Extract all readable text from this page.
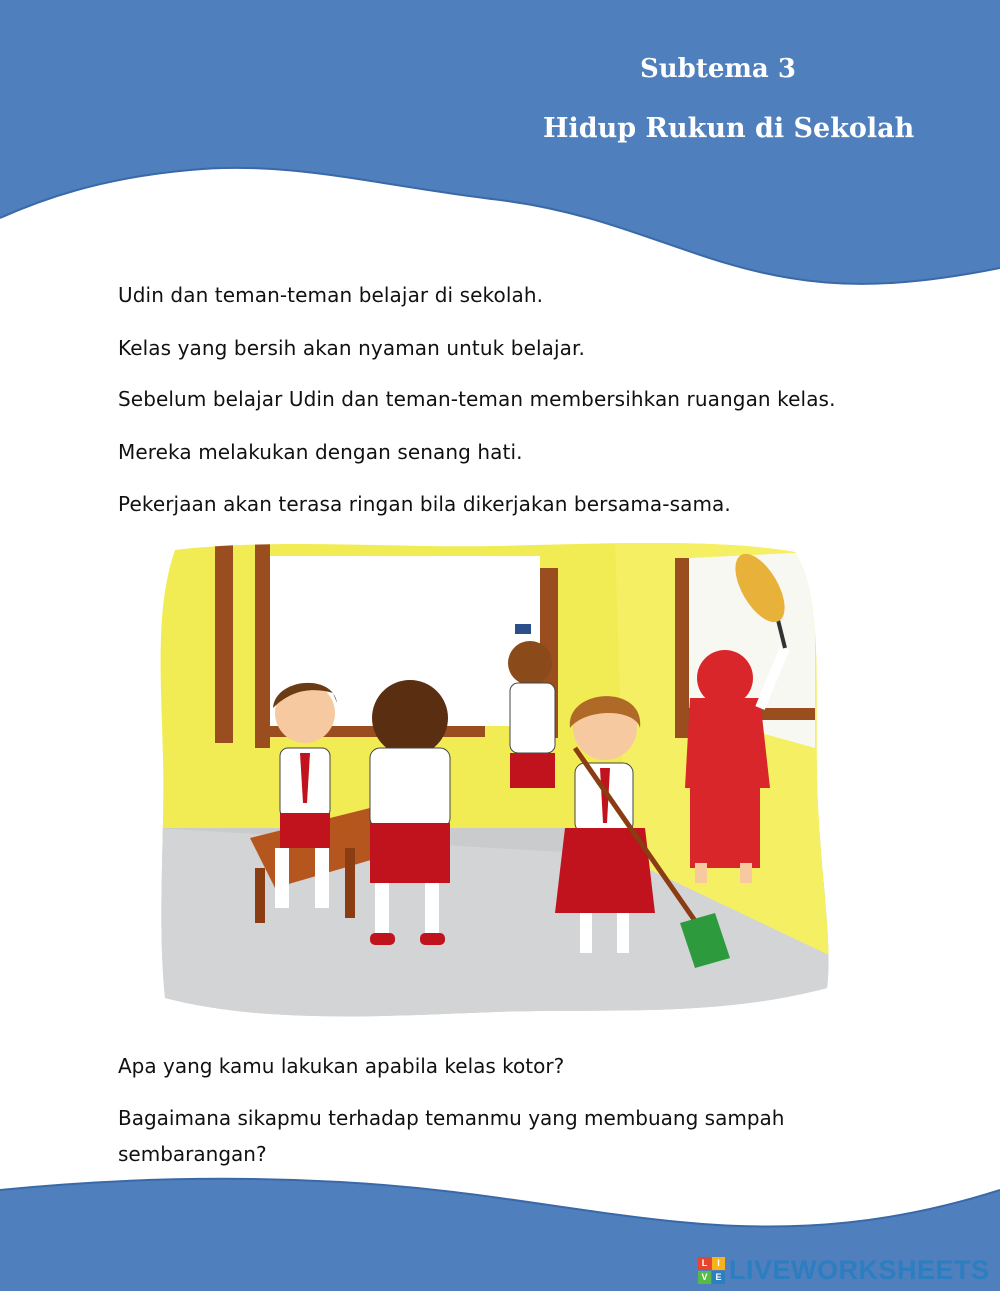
Subtema 3
Hidup Rukun di Sekolah
Udin dan teman-teman belajar di sekolah.
Kelas yang bersih akan nyaman untuk belajar.
Sebelum belajar Udin dan teman-teman membersihkan ruangan kelas.
Mereka melakukan dengan senang hati.
Pekerjaan akan terasa ringan bila dikerjakan bersama-sama.
Apa yang kamu lakukan apabila kelas kotor?
Bagaimana sikapmu terhadap temanmu yang membuang sampah sembarangan?
L	I
V E LIVEWORKSHEETS
